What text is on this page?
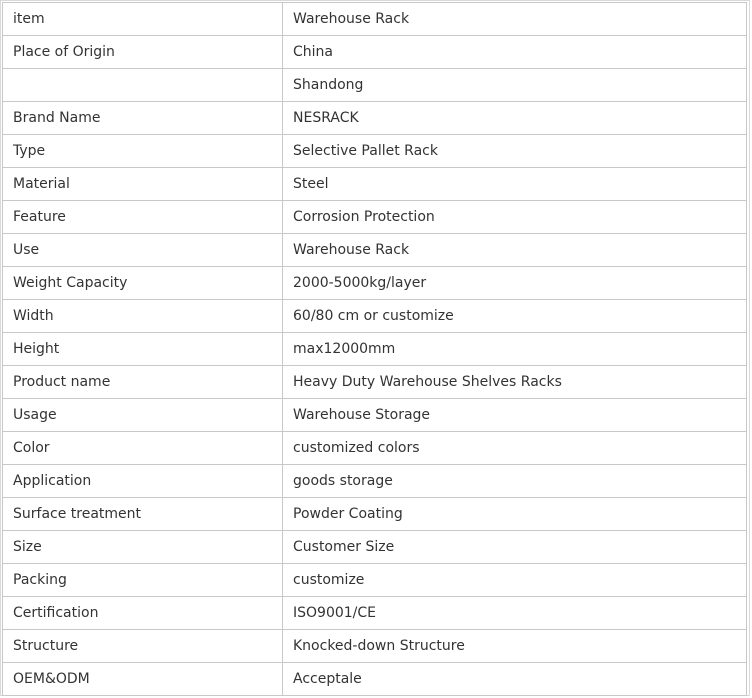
item	Warehouse Rack
Place of Origin	China
	Shandong
Brand Name	NESRACK
Type	Selective Pallet Rack
Material	Steel
Feature	Corrosion Protection
Use	Warehouse Rack
Weight Capacity	2000-5000kg/layer
Width	60/80 cm or customize
Height	max12000mm
Product name	Heavy Duty Warehouse Shelves Racks
Usage	Warehouse Storage
Color	customized colors
Application	goods storage
Surface treatment	Powder Coating
Size	Customer Size
Packing	customize
Certification	ISO9001/CE
Structure	Knocked-down Structure
OEM&ODM	Acceptale
